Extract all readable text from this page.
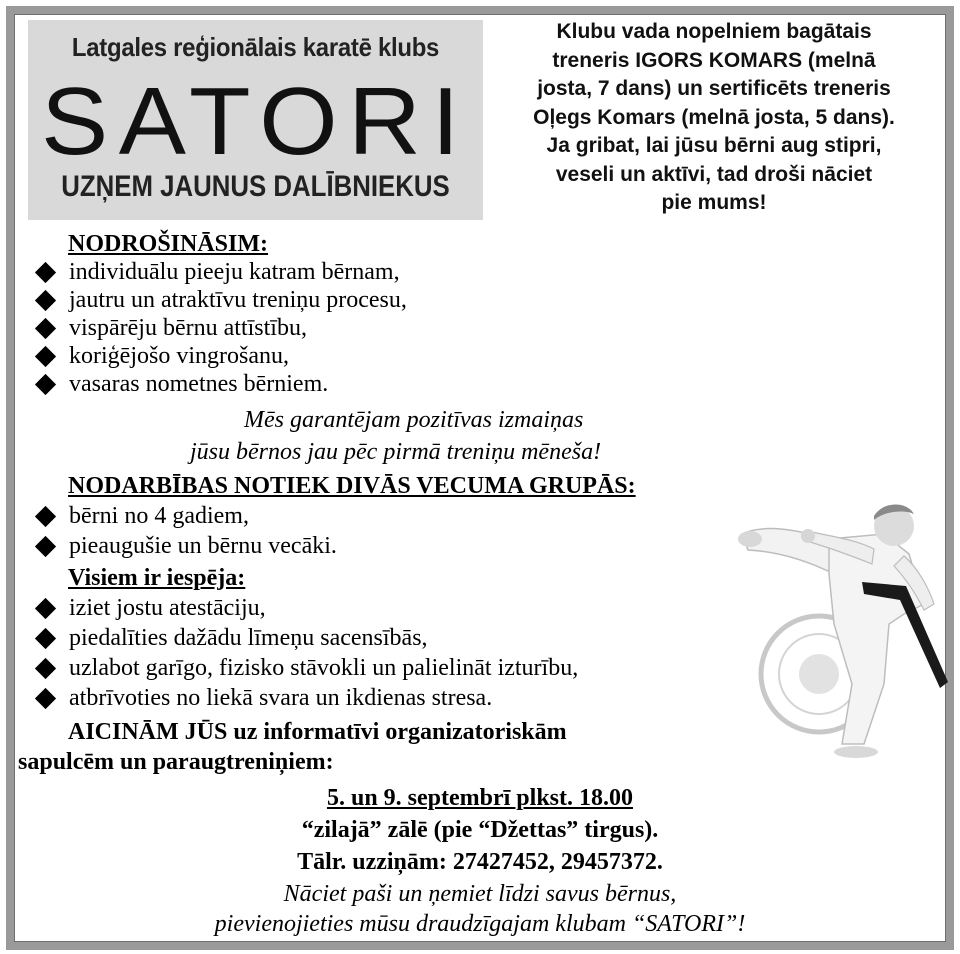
Latgales reģionālais karatē klubs
SATORI
UZŅEM JAUNUS DALĪBNIEKUS
Klubu vada nopelniem bagātais
treneris IGORS KOMARS (melnā
josta, 7 dans) un sertificēts treneris
Oļegs Komars (melnā josta, 5 dans).
Ja gribat, lai jūsu bērni aug stipri,
veseli un aktīvi, tad droši nāciet
pie mums!
NODROŠINĀSIM:
individuālu pieeju katram bērnam,
jautru un atraktīvu treniņu procesu,
vispārēju bērnu attīstību,
koriģējošo vingrošanu,
vasaras nometnes bērniem.
Mēs garantējam pozitīvas izmaiņas
jūsu bērnos jau pēc pirmā treniņu mēneša!
NODARBĪBAS NOTIEK DIVĀS VECUMA GRUPĀS:
bērni no 4 gadiem,
pieaugušie un bērnu vecāki.
Visiem ir iespēja:
iziet jostu atestāciju,
piedalīties dažādu līmeņu sacensībās,
uzlabot garīgo, fizisko stāvokli un palielināt izturību,
atbrīvoties no liekā svara un ikdienas stresa.
AICINĀM JŪS uz informatīvi organizatoriskām
sapulcēm un paraugtreniņiem:
5. un 9. septembrī plkst. 18.00
“zilajā” zālē (pie “Džettas” tirgus).
Tālr. uzziņām: 27427452, 29457372.
Nāciet paši un ņemiet līdzi savus bērnus,
pievienojieties mūsu draudzīgajam klubam “SATORI”!
